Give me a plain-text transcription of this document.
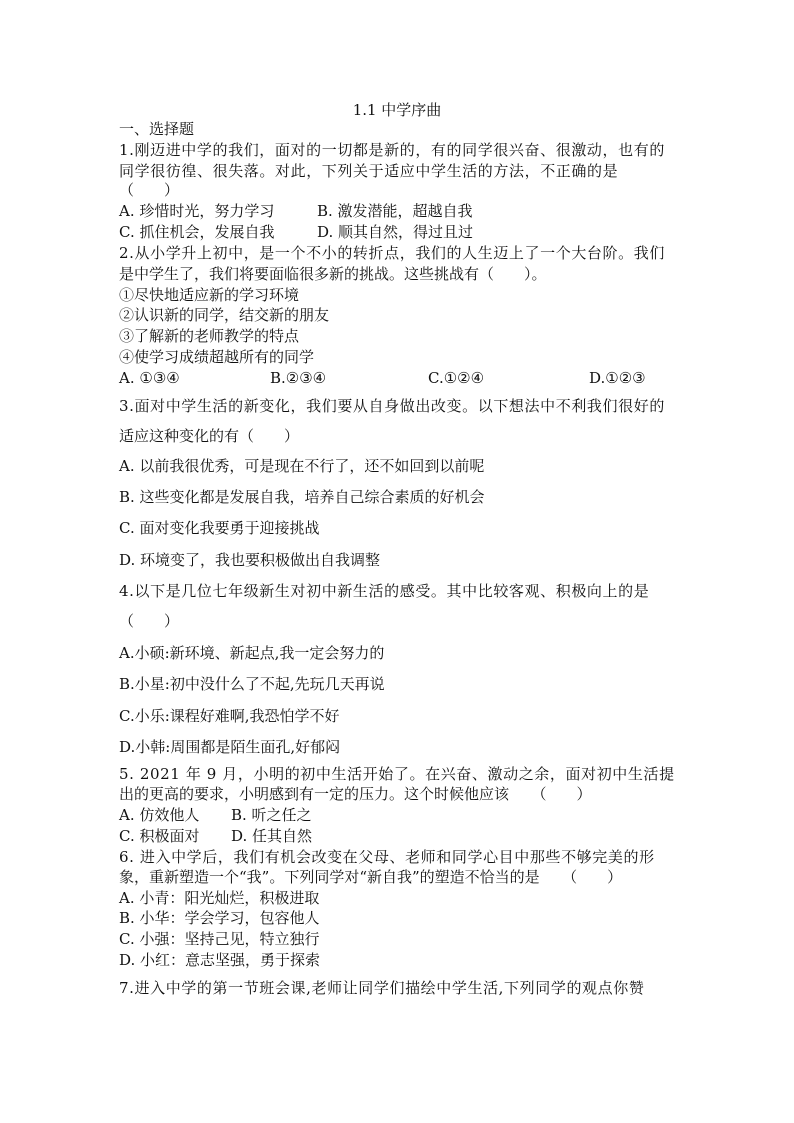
1.1 中学序曲
一、选择题
1.刚迈进中学的我们，面对的一切都是新的，有的同学很兴奋、很激动，也有的
同学很彷徨、很失落。对此，下列关于适应中学生活的方法，不正确的是
（　　）
A. 珍惜时光，努力学习	B. 激发潜能，超越自我
C. 抓住机会，发展自我	D. 顺其自然，得过且过
2.从小学升上初中，是一个不小的转折点，我们的人生迈上了一个大台阶。我们
是中学生了，我们将要面临很多新的挑战。这些挑战有（　　）。
①尽快地适应新的学习环境
②认识新的同学，结交新的朋友
③了解新的老师教学的特点
④使学习成绩超越所有的同学
A. ①③④	B.②③④	C.①②④	D.①②③
3.面对中学生活的新变化，我们要从自身做出改变。以下想法中不利我们很好的
适应这种变化的有（　　）
A. 以前我很优秀，可是现在不行了，还不如回到以前呢
B. 这些变化都是发展自我，培养自己综合素质的好机会
C. 面对变化我要勇于迎接挑战
D. 环境变了，我也要积极做出自我调整
4.以下是几位七年级新生对初中新生活的感受。其中比较客观、积极向上的是
（　　）
A.小硕:新环境、新起点,我一定会努力的
B.小星:初中没什么了不起,先玩几天再说
C.小乐:课程好难啊,我恐怕学不好
D.小韩:周围都是陌生面孔,好郁闷
5. 2021 年 9 月，小明的初中生活开始了。在兴奋、激动之余，面对初中生活提
出的更高的要求，小明感到有一定的压力。这个时候他应该　　（　　）
A. 仿效他人 B. 听之任之
C. 积极面对 D. 任其自然
6. 进入中学后，我们有机会改变在父母、老师和同学心目中那些不够完美的形
象，重新塑造一个“我”。下列同学对“新自我”的塑造不恰当的是　　（　　）
A. 小青：阳光灿烂，积极进取
B. 小华：学会学习，包容他人
C. 小强：坚持己见，特立独行
D. 小红：意志坚强，勇于探索
7.进入中学的第一节班会课,老师让同学们描绘中学生活,下列同学的观点你赞
